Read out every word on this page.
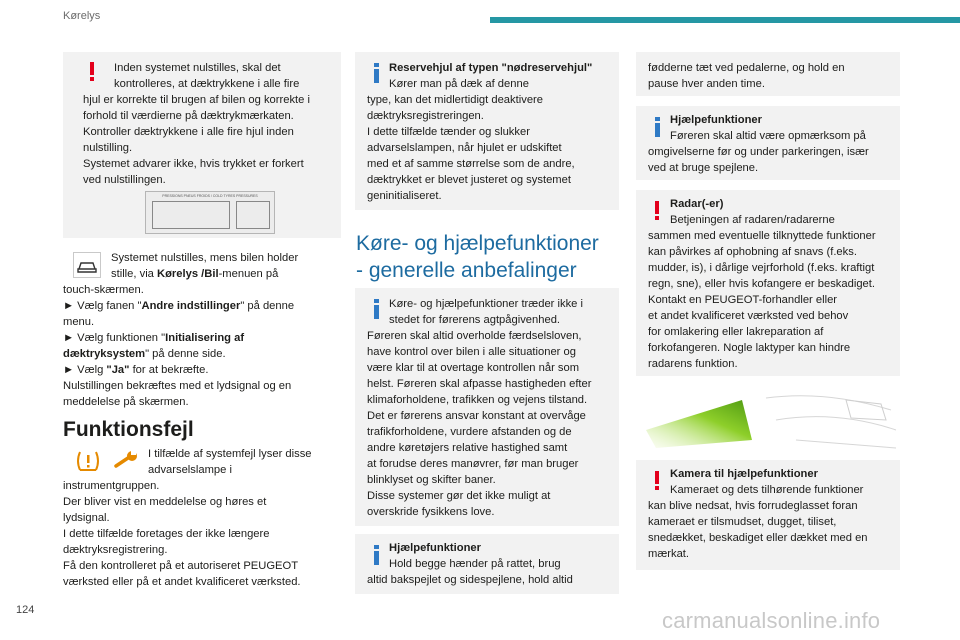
Kørelys

Inden systemet nulstilles, skal det

kontrolleres, at dæktrykkene i alle fire

hjul er korrekte til brugen af bilen og korrekte i

forhold til værdierne på dæktrykmærkaten.

Kontroller dæktrykkene i alle fire hjul inden

nulstilling.

Systemet advarer ikke, hvis trykket er forkert

ved nulstillingen.

PRESSIONS PNEUS FROIDS / COLD TYRES PRESSURES
Systemet nulstilles, mens bilen holder
stille, via Kørelys /Bil-menuen på
touch-skærmen.
► Vælg fanen "Andre indstillinger" på denne
menu.
► Vælg funktionen "Initialisering af
dæktryksystem" på denne side.
► Vælg "Ja" for at bekræfte.
Nulstillingen bekræftes med et lydsignal og en
meddelelse på skærmen.
Funktionsfejl
I tilfælde af systemfejl lyser disse
advarselslampe i
instrumentgruppen.
Der bliver vist en meddelelse og høres et
lydsignal.
I dette tilfælde foretages der ikke længere
dæktryksregistrering.
Få den kontrolleret på et autoriseret PEUGEOT
værksted eller på et andet kvalificeret værksted.

Reservehjul af typen "nødreservehjul"

Kører man på dæk af denne

type, kan det midlertidigt deaktivere

dæktryksregistreringen.

I dette tilfælde tænder og slukker

advarselslampen, når hjulet er udskiftet

med et af samme størrelse som de andre,

dæktrykket er blevet justeret og systemet

geninitialiseret.

Køre- og hjælpefunktioner
- generelle anbefalinger

Køre- og hjælpefunktioner træder ikke i

stedet for førerens agtpågivenhed.

Føreren skal altid overholde færdselsloven,

have kontrol over bilen i alle situationer og

være klar til at overtage kontrollen når som

helst. Føreren skal afpasse hastigheden efter

klimaforholdene, trafikken og vejens tilstand.

Det er førerens ansvar konstant at overvåge

trafikforholdene, vurdere afstanden og de

andre køretøjers relative hastighed samt

at forudse deres manøvrer, før man bruger

blinklyset og skifter baner.

Disse systemer gør det ikke muligt at

overskride fysikkens love.

Hjælpefunktioner

Hold begge hænder på rattet, brug

altid bakspejlet og sidespejlene, hold altid

fødderne tæt ved pedalerne, og hold en

pause hver anden time.

Hjælpefunktioner

Føreren skal altid være opmærksom på

omgivelserne før og under parkeringen, især

ved at bruge spejlene.

Radar(-er)

Betjeningen af radaren/radarerne

sammen med eventuelle tilknyttede funktioner

kan påvirkes af ophobning af snavs (f.eks.

mudder, is), i dårlige vejrforhold (f.eks. kraftigt

regn, sne), eller hvis kofangere er beskadiget.

Kontakt en PEUGEOT-forhandler eller

et andet kvalificeret værksted ved behov

for omlakering eller lakreparation af

forkofangeren. Nogle laktyper kan hindre

radarens funktion.

Kamera til hjælpefunktioner

Kameraet og dets tilhørende funktioner

kan blive nedsat, hvis forrudeglasset foran

kameraet er tilsmudset, dugget, tiliset,

snedækket, beskadiget eller dækket med en

mærkat.

124	carmanualsonline.info
